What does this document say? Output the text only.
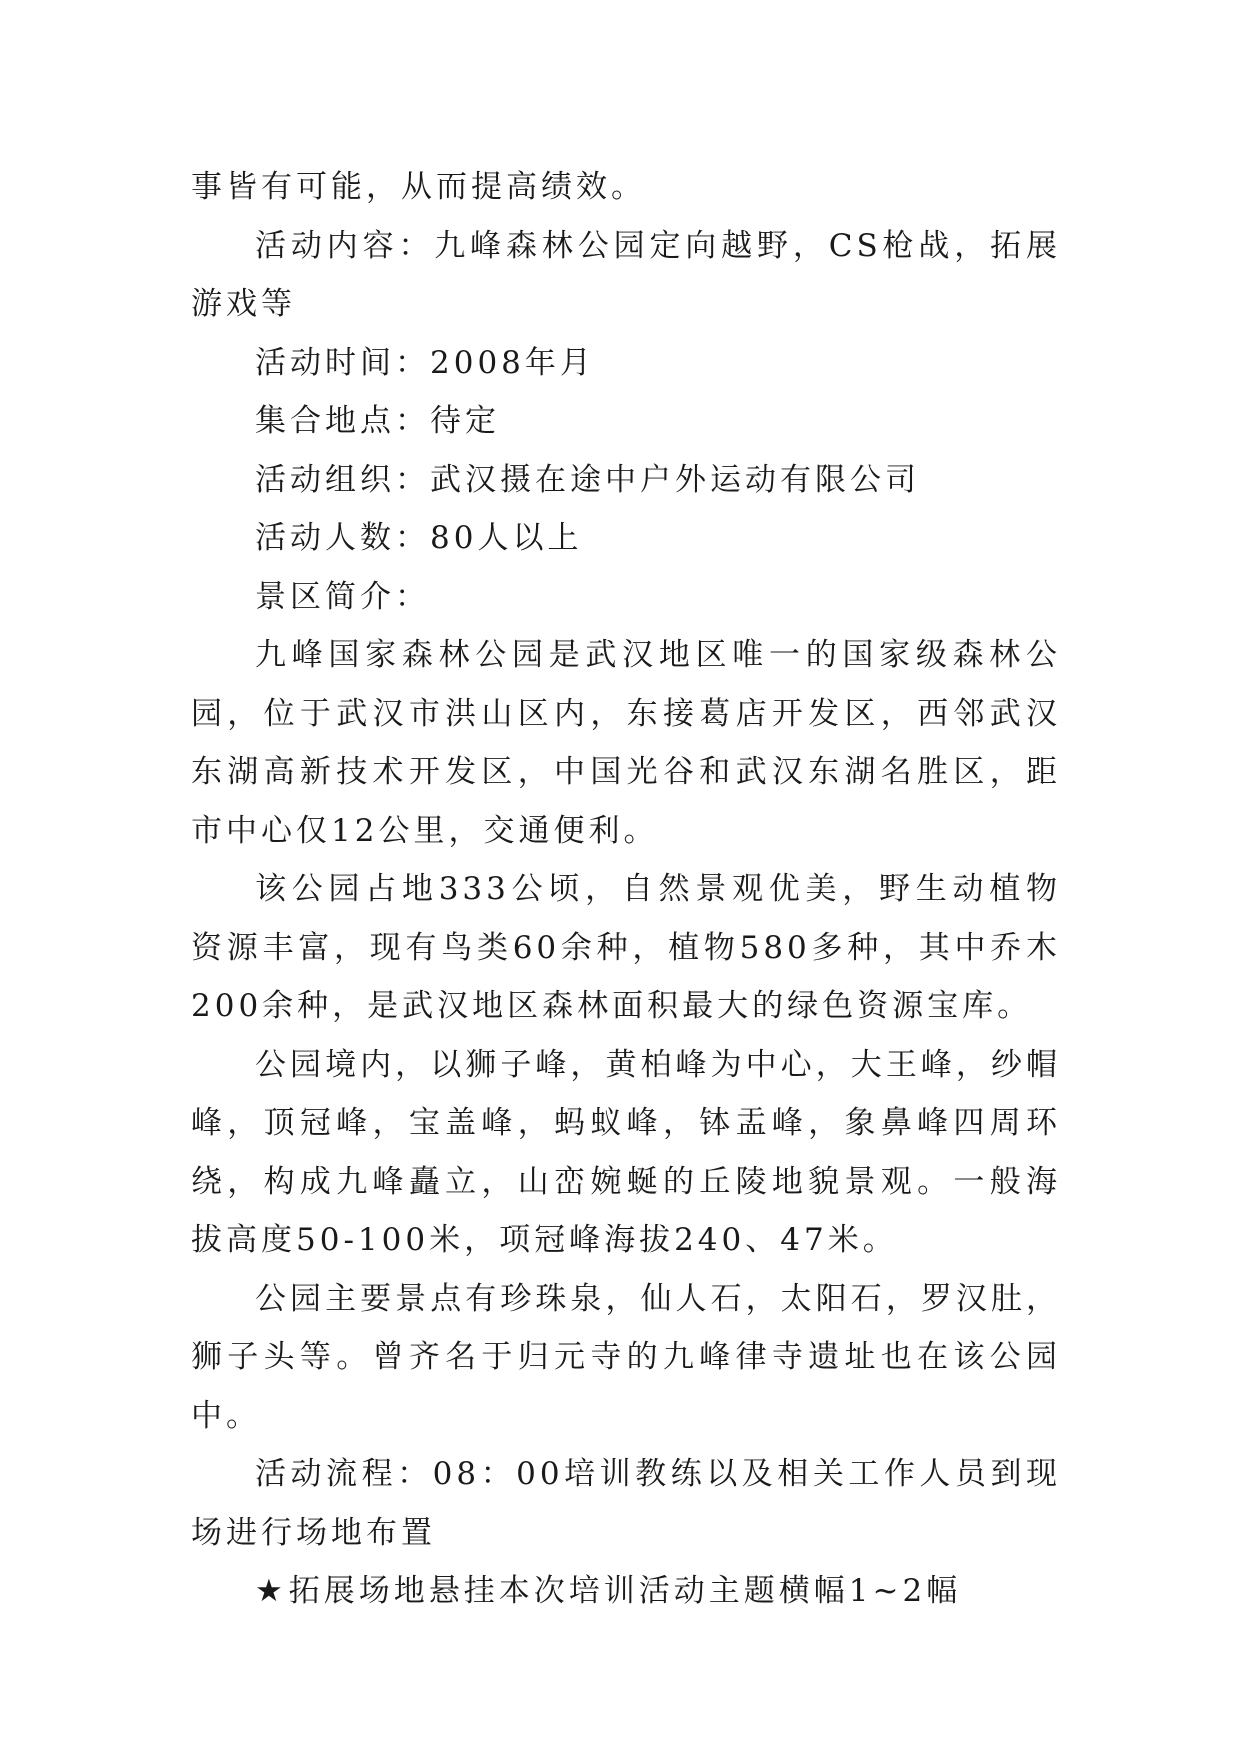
事皆有可能，从而提高绩效。

活动内容：九峰森林公园定向越野，CS枪战，拓展游戏等

活动时间：2008年月

集合地点：待定

活动组织：武汉摄在途中户外运动有限公司

活动人数：80人以上

景区简介：

九峰国家森林公园是武汉地区唯一的国家级森林公园，位于武汉市洪山区内，东接葛店开发区，西邻武汉东湖高新技术开发区，中国光谷和武汉东湖名胜区，距市中心仅12公里，交通便利。

该公园占地333公顷，自然景观优美，野生动植物资源丰富，现有鸟类60余种，植物580多种，其中乔木200余种，是武汉地区森林面积最大的绿色资源宝库。

公园境内，以狮子峰，黄柏峰为中心，大王峰，纱帽峰，顶冠峰，宝盖峰，蚂蚁峰，钵盂峰，象鼻峰四周环绕，构成九峰矗立，山峦婉蜒的丘陵地貌景观。一般海拔高度50-100米，项冠峰海拔240、47米。

公园主要景点有珍珠泉，仙人石，太阳石，罗汉肚，狮子头等。曾齐名于归元寺的九峰律寺遗址也在该公园中。

活动流程：08：00培训教练以及相关工作人员到现场进行场地布置

★拓展场地悬挂本次培训活动主题横幅1~2幅
